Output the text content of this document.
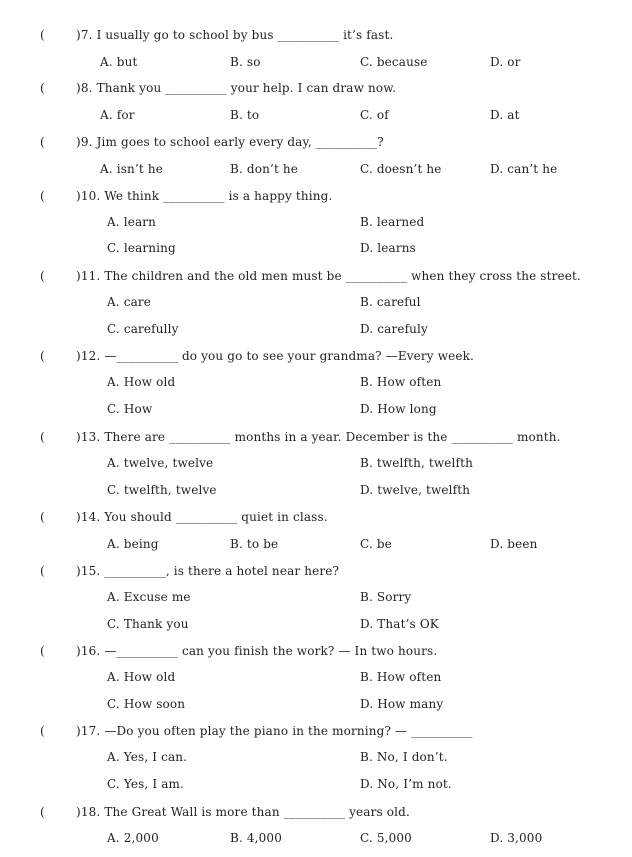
(	)7. I usually go to school by bus __________ it’s fast.
A. but	B. so	C. because	D. or
(	)8. Thank you __________ your help. I can draw now.
A. for	B. to	C. of	D. at
(	)9. Jim goes to school early every day, __________?
A. isn’t he	B. don’t he	C. doesn’t he	D. can’t he
(	)10. We think __________ is a happy thing.
A. learn	B. learned
C. learning	D. learns
(	)11. The children and the old men must be __________ when they cross the street.
A. care	B. careful
C. carefully	D. carefuly
(	)12. —__________ do you go to see your grandma? —Every week.
A. How old	B. How often
C. How	D. How long
(	)13. There are __________ months in a year. December is the __________ month.
A. twelve, twelve	B. twelfth, twelfth
C. twelfth, twelve	D. twelve, twelfth
(	)14. You should __________ quiet in class.
A. being	B. to be	C. be	D. been
(	)15. __________, is there a hotel near here?
A. Excuse me	B. Sorry
C. Thank you	D. That’s OK
(	)16. —__________ can you finish the work? — In two hours.
A. How old	B. How often
C. How soon	D. How many
(	)17. —Do you often play the piano in the morning? — __________
A. Yes, I can.	B. No, I don’t.
C. Yes, I am.	D. No, I’m not.
(	)18. The Great Wall is more than __________ years old.
A. 2,000	B. 4,000	C. 5,000	D. 3,000
